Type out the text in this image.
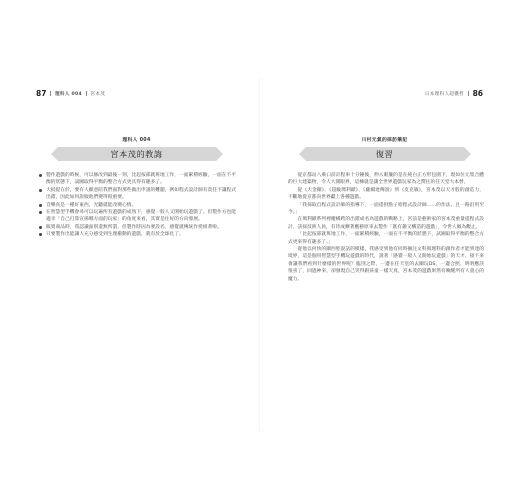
87 理科人 004 宮本茂
理科人 004
宮本茂的教誨
製作遊戲的時候，可以修改到最後一刻，比起按部就班地工作，一面累積經驗，一面在不平衡的狀態下，試圖取得平衡的整合方式更具得有趣多了。
大抵提在於，要有人願意陪我們面對那些做出申請的難題，例如程式設計師有責任不讓程式出錯，因此如何說服他們變得很重要。
音樂真是一種好東西，光聽就能改變心情。
在智慧型手機會尋可以玩遍所有遊戲的成熟下，感覺一般人又開始玩遊戲了。但製作方也能適幸「自己打算宣揚哪方面的玩家」的角度來看，其實是往好的方向發展。
販賣商品時，我認識面別還無所謂，但製作時因為要設名，感覺就傳統作愛組著啦。
只要製作出能讓人充分感受到生理衝動的遊戲，就有於全球化了。
日本理科人超優哲 86
川村元氣的採訪筆記
復習

從京都站八乘口前計程車十分鐘後，伸入眼簾的是在純白正方形包圍下，現如位元集合體的巨大建築物，令人大開眼界，這棟就是讓全世界遊戲玩家為之嚮往的任天堂大本營。

從《大金剛》、《超級瑪利歐》、《薩爾達傳說》到《皮克敏》，宮本茂以天才般的創造力，不斷地從京都向世界獻上各種遊戲。

「我採取自程式設計師的指導下，一面提供點子給程式設計師……的作法，且一路沿用至今。」

在瑪利歐系列裡縱橫跨的出錯成名為遊戲的戰略上，宮前是藝術家的宮本茂重量提程式設計，該採技術人員，有待成擴著應藝原來去製作「既有趣又構造的遊戲」，令世人佩為觀止。

「比起按部就班地工作，一面累積經驗，一面在不平衡的狀態下，試圖取得平衡的整合方式更來得有趣多了。」

從他以何快的關西腔說話的模樣，我感受到他有同時擁注文科與理科的創作者才能到達的境界，這是個用智慧型手機玩遊戲的時代，說著「感覺一般人又開始玩遊戲」的天才，接下來會讓我們看到什麼樣的世界呢？臨別之際，一邊在任天堂的去關玩DS，一邊合照，明明應該很喜了，回過神來，卻發現自己笑得跟孩童一樣天真，宮本茂的遊戲果然有喚醒所有人童心的魔力。
